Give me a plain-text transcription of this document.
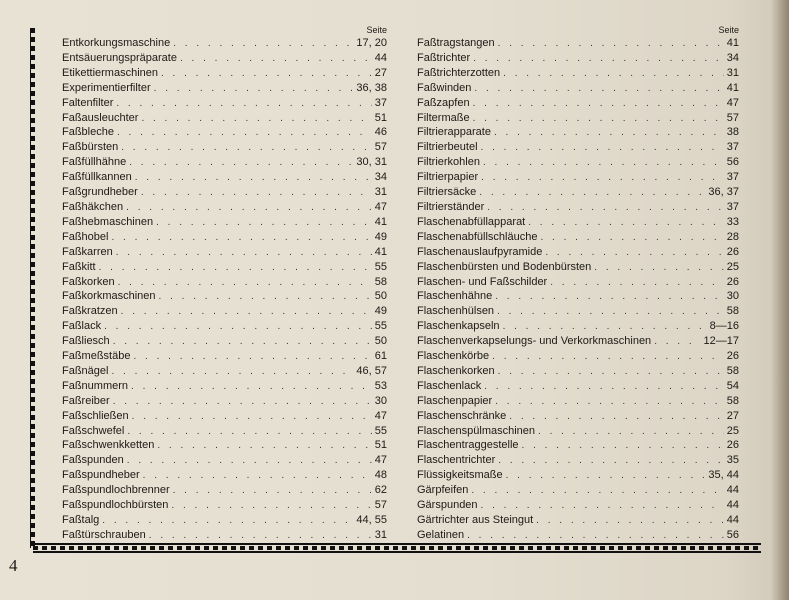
Seite
Entkorkungsmaschine . . .	17, 20
Entsäuerungspräparate . . .	44
Etikettiermaschinen . . .	27
Experimentierfilter . . .	36, 38
Faltenfilter . . .	37
Faßausleuchter . . .	51
Faßbleche . . .	46
Faßbürsten . . .	57
Faßfüllhähne . . .	30, 31
Faßfüllkannen . . .	34
Faßgrundheber . . .	31
Faßhäkchen . . .	47
Faßhebmaschinen . . .	41
Faßhobel . . .	49
Faßkarren . . .	41
Faßkitt . . .	55
Faßkorken . . .	58
Faßkorkmaschinen . . .	50
Faßkratzen . . .	49
Faßlack . . .	55
Faßliesch . . .	50
Faßmeßstäbe . . .	61
Faßnägel . . .	46, 57
Faßnummern . . .	53
Faßreiber . . .	30
Faßschließen . . .	47
Faßschwefel . . .	55
Faßschwenkketten . . .	51
Faßspunden . . .	47
Faßspundheber . . .	48
Faßspundlochbrenner . . .	62
Faßspundlochbürsten . . .	57
Faßtalg . . .	44, 55
Faßtürschrauben . . .	31
Seite
Faßtragstangen . . .	41
Faßtrichter . . .	34
Faßtrichterzotten . . .	31
Faßwinden . . .	41
Faßzapfen . . .	47
Filtermaße . . .	57
Filtrierapparate . . .	38
Filtrierbeutel . . .	37
Filtrierkohlen . . .	56
Filtrierpapier . . .	37
Filtriersäcke . . .	36, 37
Filtrierständer . . .	37
Flaschenabfüllapparat . . .	33
Flaschenabfüllschläuche . . .	28
Flaschenauslaufpyramide . . .	26
Flaschenbürsten und Bodenbürsten . . .	25
Flaschen- und Faßschilder . . .	26
Flaschenhähne . . .	30
Flaschenhülsen . . .	58
Flaschenkapseln . . .	8—16
Flaschenverkapselungs- und Verkorkmaschinen . . .	12—17
Flaschenkörbe . . .	26
Flaschenkorken . . .	58
Flaschenlack . . .	54
Flaschenpapier . . .	58
Flaschenschränke . . .	27
Flaschenspülmaschinen . . .	25
Flaschentraggestelle . . .	26
Flaschentrichter . . .	35
Flüssigkeitsmaße . . .	35, 44
Gärpfeifen . . .	44
Gärspunden . . .	44
Gärtrichter aus Steingut . . .	44
Gelatinen . . .	56
4
